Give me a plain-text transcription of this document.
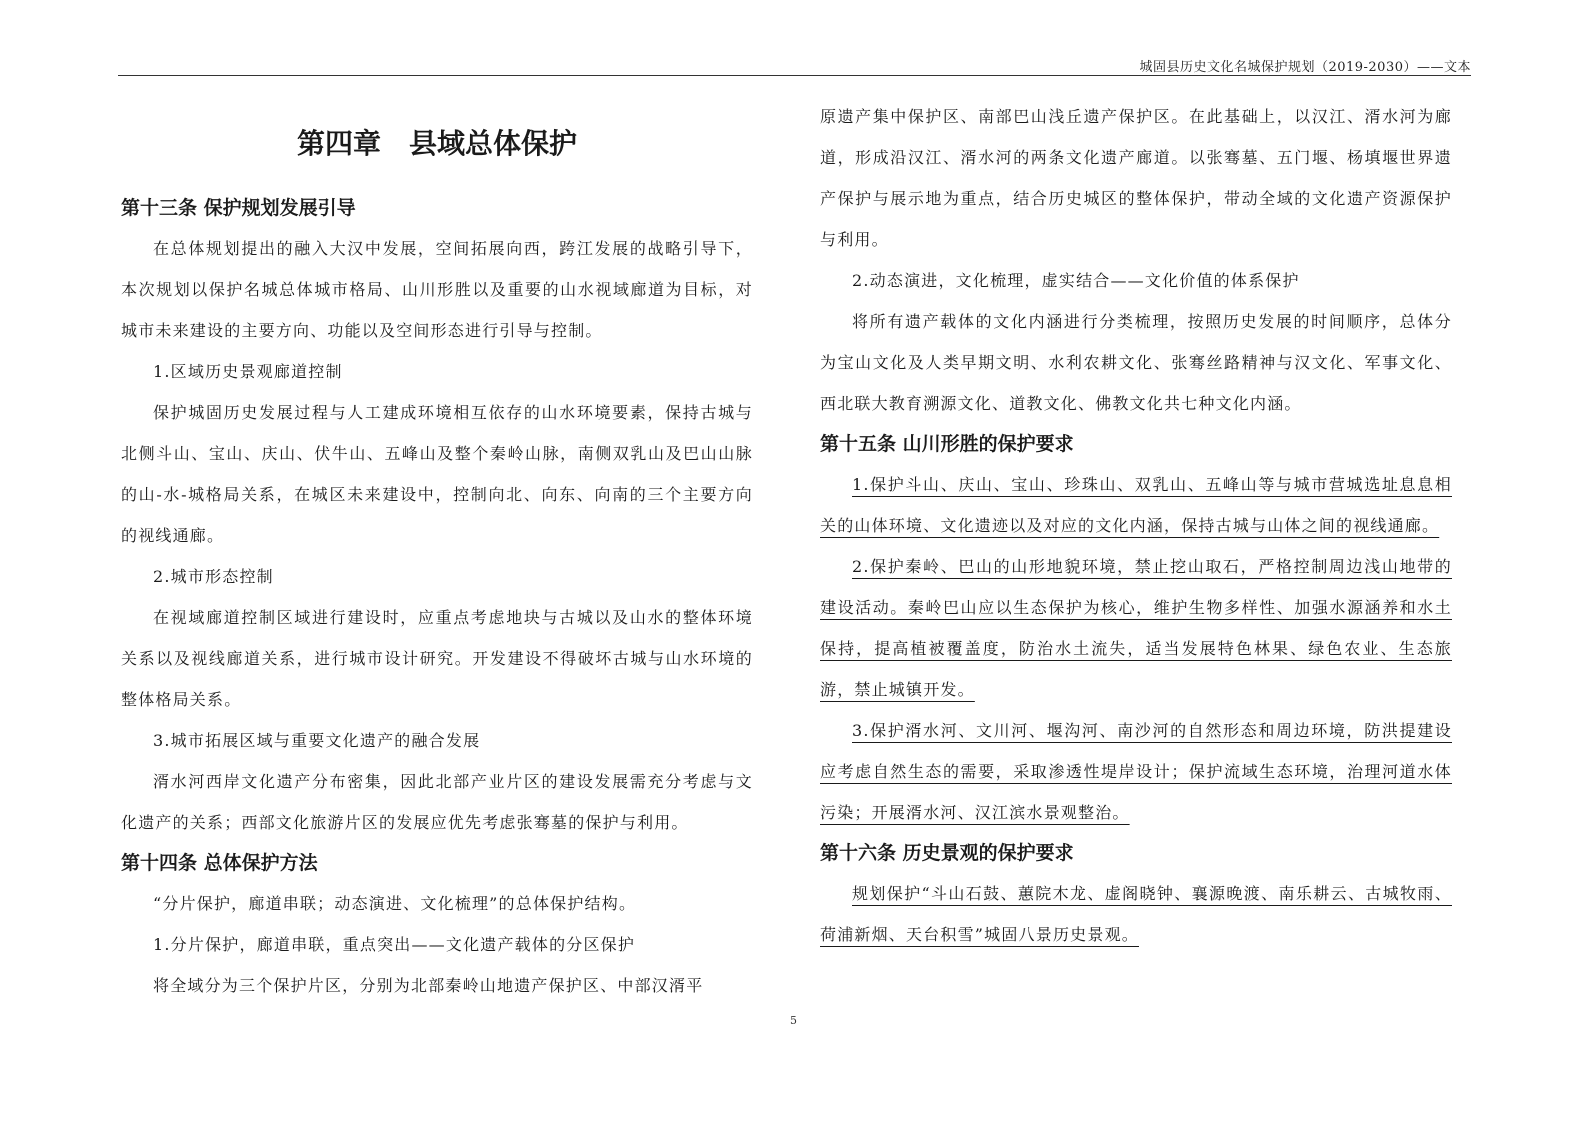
城固县历史文化名城保护规划（2019-2030）——文本
第四章　县域总体保护
第十三条 保护规划发展引导

在总体规划提出的融入大汉中发展，空间拓展向西，跨江发展的战略引导下，本次规划以保护名城总体城市格局、山川形胜以及重要的山水视域廊道为目标，对城市未来建设的主要方向、功能以及空间形态进行引导与控制。

1.区域历史景观廊道控制

保护城固历史发展过程与人工建成环境相互依存的山水环境要素，保持古城与北侧斗山、宝山、庆山、伏牛山、五峰山及整个秦岭山脉，南侧双乳山及巴山山脉的山-水-城格局关系，在城区未来建设中，控制向北、向东、向南的三个主要方向的视线通廊。

2.城市形态控制

在视域廊道控制区域进行建设时，应重点考虑地块与古城以及山水的整体环境关系以及视线廊道关系，进行城市设计研究。开发建设不得破坏古城与山水环境的整体格局关系。

3.城市拓展区域与重要文化遗产的融合发展

湑水河西岸文化遗产分布密集，因此北部产业片区的建设发展需充分考虑与文化遗产的关系；西部文化旅游片区的发展应优先考虑张骞墓的保护与利用。

第十四条 总体保护方法

“分片保护，廊道串联；动态演进、文化梳理”的总体保护结构。

1.分片保护，廊道串联，重点突出——文化遗产载体的分区保护

将全域分为三个保护片区，分别为北部秦岭山地遗产保护区、中部汉湑平

原遗产集中保护区、南部巴山浅丘遗产保护区。在此基础上，以汉江、湑水河为廊道，形成沿汉江、湑水河的两条文化遗产廊道。以张骞墓、五门堰、杨填堰世界遗产保护与展示地为重点，结合历史城区的整体保护，带动全域的文化遗产资源保护与利用。

2.动态演进，文化梳理，虚实结合——文化价值的体系保护

将所有遗产载体的文化内涵进行分类梳理，按照历史发展的时间顺序，总体分为宝山文化及人类早期文明、水利农耕文化、张骞丝路精神与汉文化、军事文化、西北联大教育溯源文化、道教文化、佛教文化共七种文化内涵。

第十五条 山川形胜的保护要求

1.保护斗山、庆山、宝山、珍珠山、双乳山、五峰山等与城市营城选址息息相关的山体环境、文化遗迹以及对应的文化内涵，保持古城与山体之间的视线通廊。

2.保护秦岭、巴山的山形地貌环境，禁止挖山取石，严格控制周边浅山地带的建设活动。秦岭巴山应以生态保护为核心，维护生物多样性、加强水源涵养和水土保持，提高植被覆盖度，防治水土流失，适当发展特色林果、绿色农业、生态旅游，禁止城镇开发。

3.保护湑水河、文川河、堰沟河、南沙河的自然形态和周边环境，防洪提建设应考虑自然生态的需要，采取渗透性堤岸设计；保护流域生态环境，治理河道水体污染；开展湑水河、汉江滨水景观整治。

第十六条 历史景观的保护要求

规划保护“斗山石鼓、蕙院木龙、虚阁晓钟、襄源晚渡、南乐耕云、古城牧雨、荷浦新烟、天台积雪”城固八景历史景观。

5
